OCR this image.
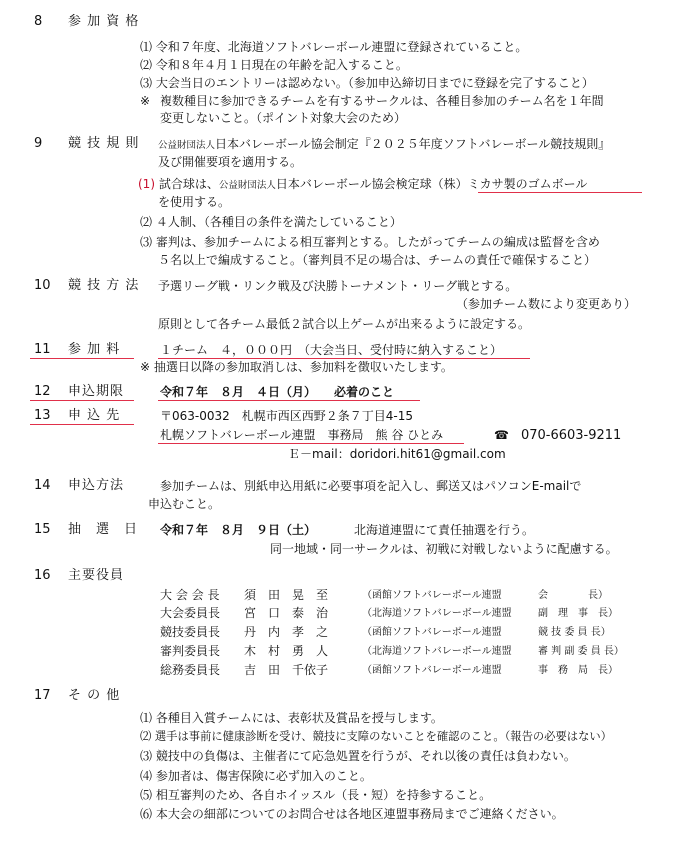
8 参 加 資 格
⑴ 令和７年度、北海道ソフトバレーボール連盟に登録されていること。
⑵ 令和８年４月１日現在の年齢を記入すること。
⑶ 大会当日のエントリーは認めない。（参加申込締切日までに登録を完了すること）
※ 複数種目に参加できるチームを有するサークルは、各種目参加のチーム名を１年間
変更しないこと。（ポイント対象大会のため）
9 競 技 規 則 公益財団法人日本バレーボール協会制定『２０２５年度ソフトバレーボール競技規則』
及び開催要項を適用する。
(1) 試合球は、公益財団法人日本バレーボール協会検定球（株）ミカサ製のゴムボール
を使用する。
⑵ ４人制、（各種目の条件を満たしていること）
⑶ 審判は、参加チームによる相互審判とする。したがってチームの編成は監督を含め
５名以上で編成すること。（審判員不足の場合は、チームの責任で確保すること）
10 競 技 方 法 予選リーグ戦・リンク戦及び決勝トーナメント・リーグ戦とする。
（参加チーム数により変更あり）
原則として各チーム最低２試合以上ゲームが出来るように設定する。
11 参 加 料	１チーム　４，０００円　（大会当日、受付時に納入すること）
※ 抽選日以降の参加取消しは、参加料を徴収いたします。
12 申込期限	令和７年　８月　４日（月）　　必着のこと
13 申 込 先	〒063-0032　札幌市西区西野２条７丁目4-15
札幌ソフトバレーボール連盟　事務局　熊 谷 ひとみ	☎　 070-6603-9211
Ｅ－mail：doridori.hit61@gmail.com
14 申込方法	参加チームは、別紙申込用紙に必要事項を記入し、郵送又はパソコンE-mailで
申込むこと。
15 抽　選　日 令和７年　８月　９日（土）	北海道連盟にて責任抽選を行う。
同一地域・同一サークルは、初戦に対戦しないように配慮する。
16 主要役員
大 会 会 長 須　田　晃　至	（函館ソフトバレーボール連盟	会　　　　長）
大会委員長 宮　口　泰　治	（北海道ソフトバレーボール連盟	副　理　事　長）
競技委員長 丹　内　孝　之	（函館ソフトバレーボール連盟	競 技 委 員 長）
審判委員長 木　村　勇　人	（北海道ソフトバレーボール連盟	審 判 副 委 員 長）
総務委員長 吉　田　千依子	（函館ソフトバレーボール連盟	事　務　局　長）
17 そ の 他
⑴ 各種目入賞チームには、表彰状及賞品を授与します。
⑵ 選手は事前に健康診断を受け、競技に支障のないことを確認のこと。（報告の必要はない）
⑶ 競技中の負傷は、主催者にて応急処置を行うが、それ以後の責任は負わない。
⑷ 参加者は、傷害保険に必ず加入のこと。
⑸ 相互審判のため、各自ホイッスル（長・短）を持参すること。
⑹ 本大会の細部についてのお問合せは各地区連盟事務局までご連絡ください。
